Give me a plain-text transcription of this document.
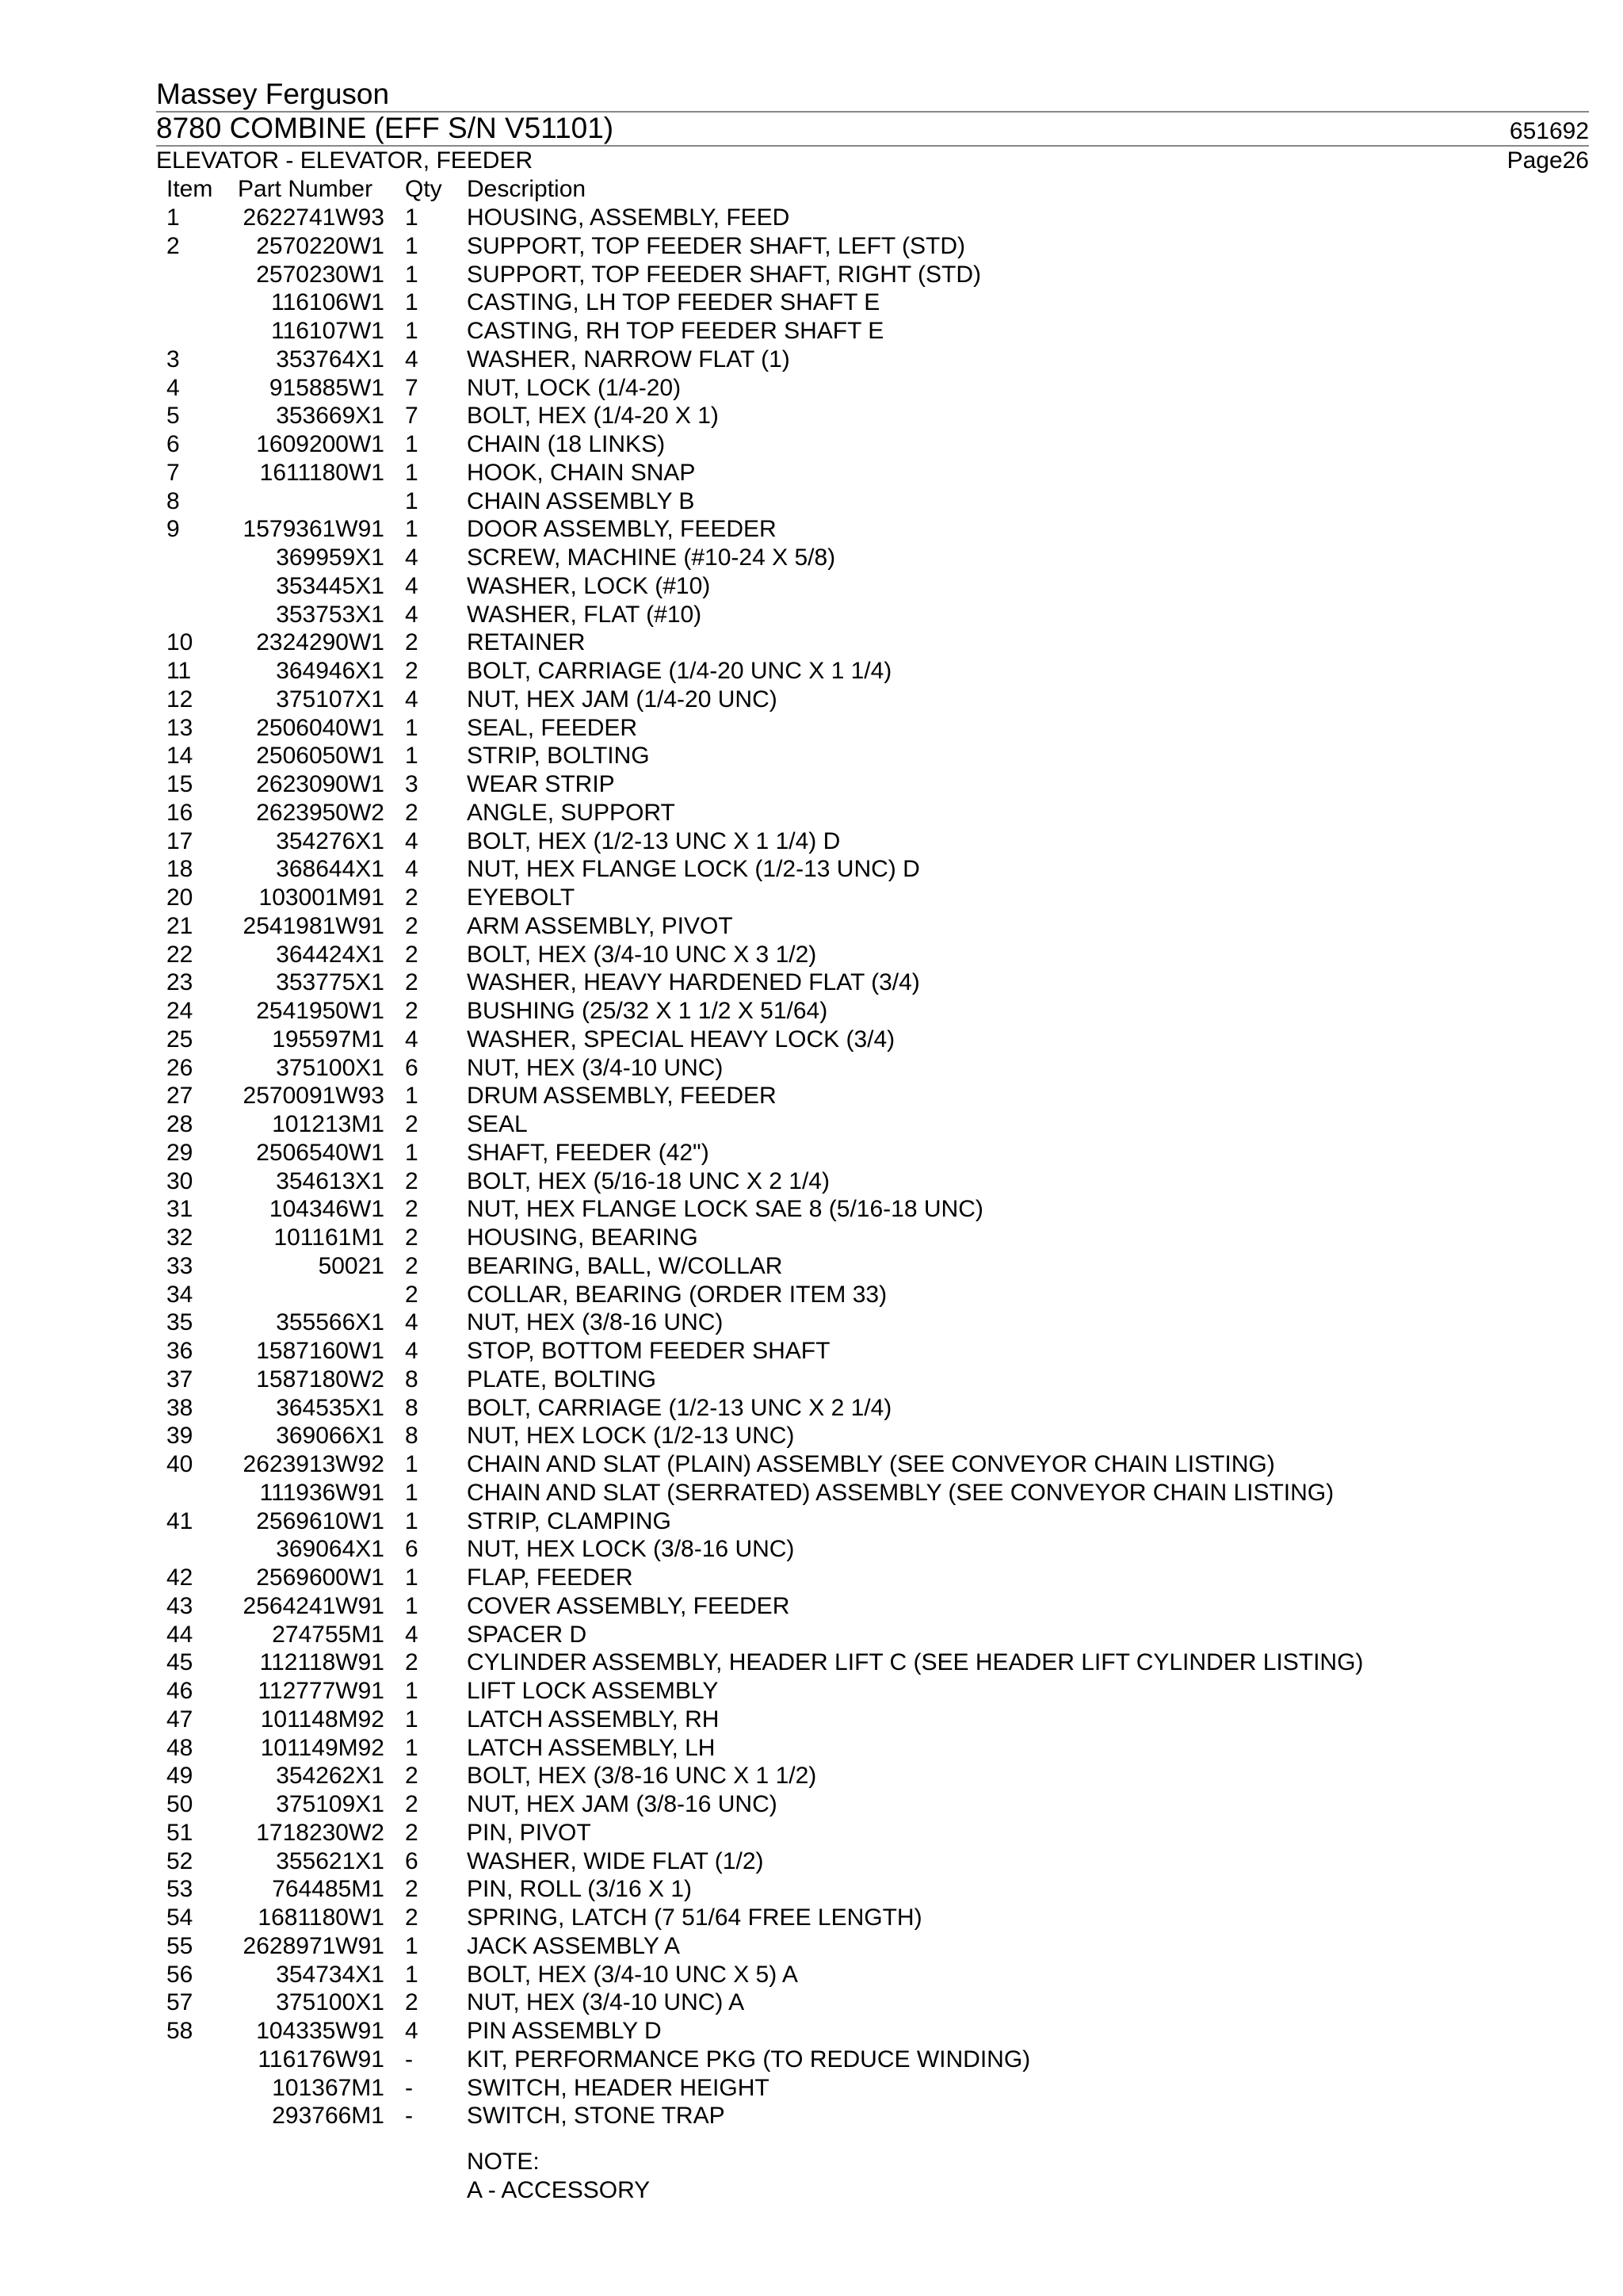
Massey Ferguson
8780 COMBINE (EFF S/N V51101)	651692
ELEVATOR - ELEVATOR, FEEDER	Page26
Item	Part Number Qty Description
1	2622741W93 1	HOUSING, ASSEMBLY, FEED
2	2570220W1 1	SUPPORT, TOP FEEDER SHAFT, LEFT (STD)
2570230W1 1	SUPPORT, TOP FEEDER SHAFT, RIGHT (STD)
116106W1 1	CASTING, LH TOP FEEDER SHAFT E
116107W1 1	CASTING, RH TOP FEEDER SHAFT E
3	353764X1 4	WASHER, NARROW FLAT (1)
4	915885W1 7	NUT, LOCK (1/4-20)
5	353669X1 7	BOLT, HEX (1/4-20 X 1)
6	1609200W1 1	CHAIN (18 LINKS)
7	1611180W1 1	HOOK, CHAIN SNAP
8	1	CHAIN ASSEMBLY B
9	1579361W91 1	DOOR ASSEMBLY, FEEDER
369959X1 4	SCREW, MACHINE (#10-24 X 5/8)
353445X1 4	WASHER, LOCK (#10)
353753X1 4	WASHER, FLAT (#10)
10	2324290W1 2	RETAINER
11	364946X1 2	BOLT, CARRIAGE (1/4-20 UNC X 1 1/4)
12	375107X1 4	NUT, HEX JAM (1/4-20 UNC)
13	2506040W1 1	SEAL, FEEDER
14	2506050W1 1	STRIP, BOLTING
15	2623090W1 3	WEAR STRIP
16	2623950W2 2	ANGLE, SUPPORT
17	354276X1 4	BOLT, HEX (1/2-13 UNC X 1 1/4) D
18	368644X1 4	NUT, HEX FLANGE LOCK (1/2-13 UNC) D
20	103001M91 2	EYEBOLT
21	2541981W91 2	ARM ASSEMBLY, PIVOT
22	364424X1 2	BOLT, HEX (3/4-10 UNC X 3 1/2)
23	353775X1 2	WASHER, HEAVY HARDENED FLAT (3/4)
24	2541950W1 2	BUSHING (25/32 X 1 1/2 X 51/64)
25	195597M1 4	WASHER, SPECIAL HEAVY LOCK (3/4)
26	375100X1 6	NUT, HEX (3/4-10 UNC)
27	2570091W93 1	DRUM ASSEMBLY, FEEDER
28	101213M1 2	SEAL
29	2506540W1 1	SHAFT, FEEDER (42")
30	354613X1 2	BOLT, HEX (5/16-18 UNC X 2 1/4)
31	104346W1 2	NUT, HEX FLANGE LOCK SAE 8 (5/16-18 UNC)
32	101161M1 2	HOUSING, BEARING
33	50021 2	BEARING, BALL, W/COLLAR
34	2	COLLAR, BEARING (ORDER ITEM 33)
35	355566X1 4	NUT, HEX (3/8-16 UNC)
36	1587160W1 4	STOP, BOTTOM FEEDER SHAFT
37	1587180W2 8	PLATE, BOLTING
38	364535X1 8	BOLT, CARRIAGE (1/2-13 UNC X 2 1/4)
39	369066X1 8	NUT, HEX LOCK (1/2-13 UNC)
40	2623913W92 1	CHAIN AND SLAT (PLAIN) ASSEMBLY (SEE CONVEYOR CHAIN LISTING)
111936W91 1	CHAIN AND SLAT (SERRATED) ASSEMBLY (SEE CONVEYOR CHAIN LISTING)
41	2569610W1 1	STRIP, CLAMPING
369064X1 6	NUT, HEX LOCK (3/8-16 UNC)
42	2569600W1 1	FLAP, FEEDER
43	2564241W91 1	COVER ASSEMBLY, FEEDER
44	274755M1 4	SPACER D
45	112118W91 2	CYLINDER ASSEMBLY, HEADER LIFT C (SEE HEADER LIFT CYLINDER LISTING)
46	112777W91 1	LIFT LOCK ASSEMBLY
47	101148M92 1	LATCH ASSEMBLY, RH
48	101149M92 1	LATCH ASSEMBLY, LH
49	354262X1 2	BOLT, HEX (3/8-16 UNC X 1 1/2)
50	375109X1 2	NUT, HEX JAM (3/8-16 UNC)
51	1718230W2 2	PIN, PIVOT
52	355621X1 6	WASHER, WIDE FLAT (1/2)
53	764485M1 2	PIN, ROLL (3/16 X 1)
54	1681180W1 2	SPRING, LATCH (7 51/64 FREE LENGTH)
55	2628971W91 1	JACK ASSEMBLY A
56	354734X1 1	BOLT, HEX (3/4-10 UNC X 5) A
57	375100X1 2	NUT, HEX (3/4-10 UNC) A
58	104335W91 4	PIN ASSEMBLY D
116176W91 -	KIT, PERFORMANCE PKG (TO REDUCE WINDING)
101367M1 -	SWITCH, HEADER HEIGHT
293766M1 -	SWITCH, STONE TRAP
NOTE:
A - ACCESSORY
